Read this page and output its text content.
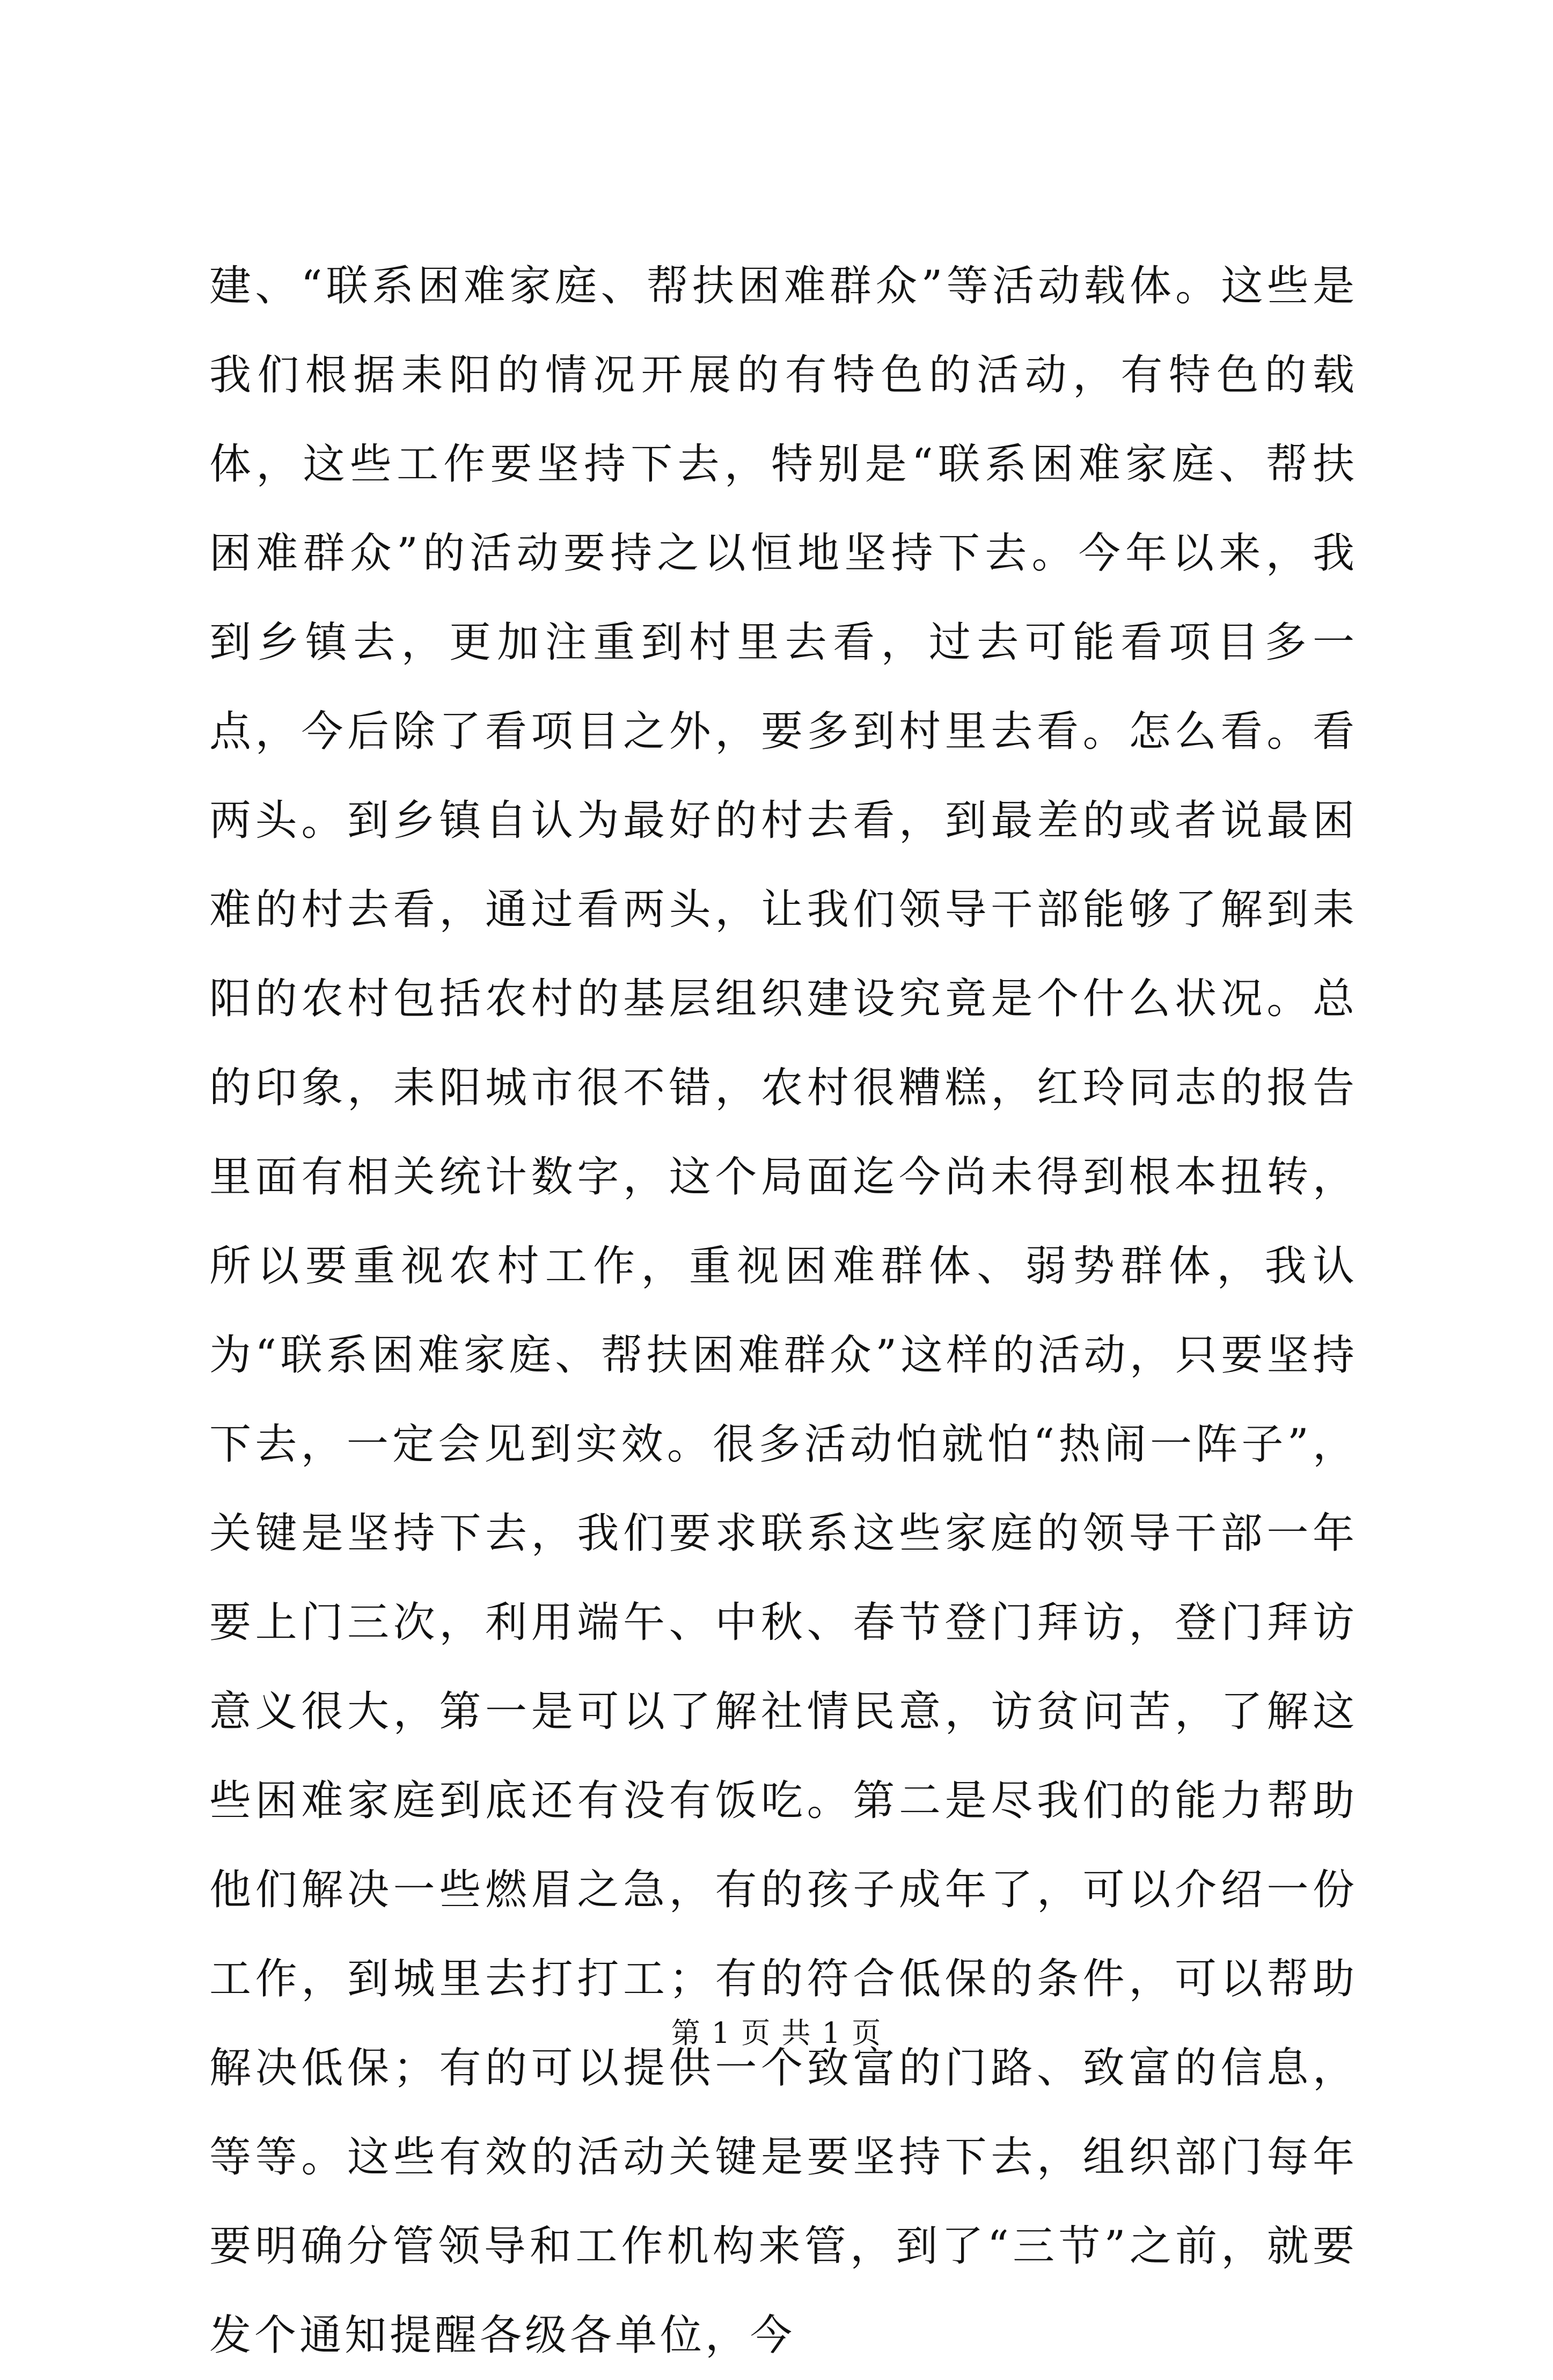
建、“联系困难家庭、帮扶困难群众”等活动载体。这些是我们根据耒阳的情况开展的有特色的活动，有特色的载体，这些工作要坚持下去，特别是“联系困难家庭、帮扶困难群众”的活动要持之以恒地坚持下去。今年以来，我到乡镇去，更加注重到村里去看，过去可能看项目多一点，今后除了看项目之外，要多到村里去看。怎么看。看两头。到乡镇自认为最好的村去看，到最差的或者说最困难的村去看，通过看两头，让我们领导干部能够了解到耒阳的农村包括农村的基层组织建设究竟是个什么状况。总的印象，耒阳城市很不错，农村很糟糕，红玲同志的报告里面有相关统计数字，这个局面迄今尚未得到根本扭转，所以要重视农村工作，重视困难群体、弱势群体，我认为“联系困难家庭、帮扶困难群众”这样的活动，只要坚持下去，一定会见到实效。很多活动怕就怕“热闹一阵子”，关键是坚持下去，我们要求联系这些家庭的领导干部一年要上门三次，利用端午、中秋、春节登门拜访，登门拜访意义很大，第一是可以了解社情民意，访贫问苦，了解这些困难家庭到底还有没有饭吃。第二是尽我们的能力帮助他们解决一些燃眉之急，有的孩子成年了，可以介绍一份工作，到城里去打打工；有的符合低保的条件，可以帮助解决低保；有的可以提供一个致富的门路、致富的信息，等等。这些有效的活动关键是要坚持下去，组织部门每年要明确分管领导和工作机构来管，到了“三节”之前，就要发个通知提醒各级各单位，今

第 1 页 共 1 页
